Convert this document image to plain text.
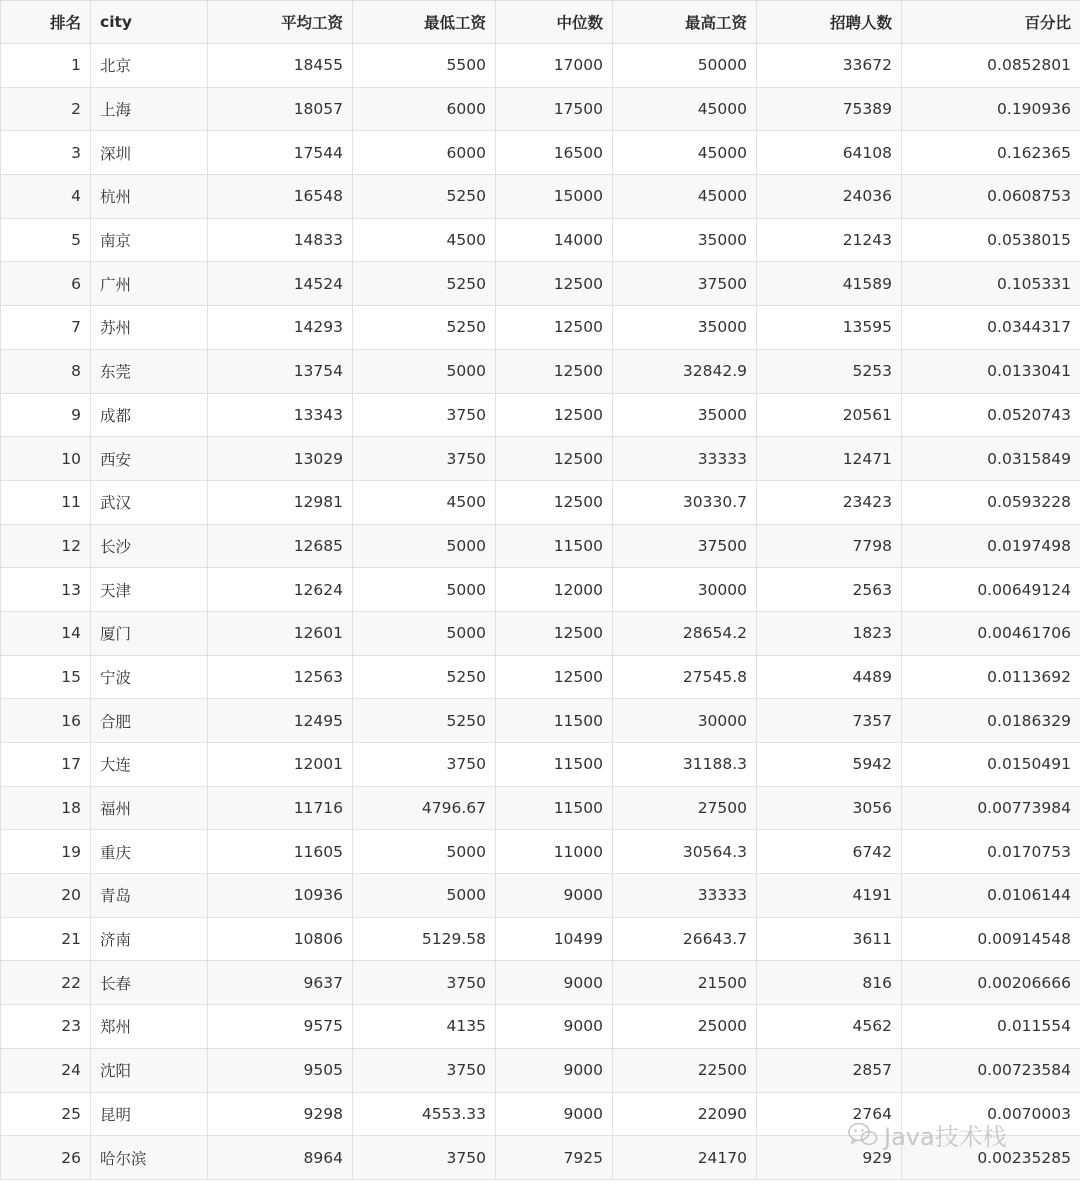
排名	city	平均工资	最低工资	中位数	最高工资	招聘人数	百分比
1	北京	18455	5500	17000	50000	33672	0.0852801
2	上海	18057	6000	17500	45000	75389	0.190936
3	深圳	17544	6000	16500	45000	64108	0.162365
4	杭州	16548	5250	15000	45000	24036	0.0608753
5	南京	14833	4500	14000	35000	21243	0.0538015
6	广州	14524	5250	12500	37500	41589	0.105331
7	苏州	14293	5250	12500	35000	13595	0.0344317
8	东莞	13754	5000	12500	32842.9	5253	0.0133041
9	成都	13343	3750	12500	35000	20561	0.0520743
10	西安	13029	3750	12500	33333	12471	0.0315849
11	武汉	12981	4500	12500	30330.7	23423	0.0593228
12	长沙	12685	5000	11500	37500	7798	0.0197498
13	天津	12624	5000	12000	30000	2563	0.00649124
14	厦门	12601	5000	12500	28654.2	1823	0.00461706
15	宁波	12563	5250	12500	27545.8	4489	0.0113692
16	合肥	12495	5250	11500	30000	7357	0.0186329
17	大连	12001	3750	11500	31188.3	5942	0.0150491
18	福州	11716	4796.67	11500	27500	3056	0.00773984
19	重庆	11605	5000	11000	30564.3	6742	0.0170753
20	青岛	10936	5000	9000	33333	4191	0.0106144
21	济南	10806	5129.58	10499	26643.7	3611	0.00914548
22	长春	9637	3750	9000	21500	816	0.00206666
23	郑州	9575	4135	9000	25000	4562	0.011554
24	沈阳	9505	3750	9000	22500	2857	0.00723584
25	昆明	9298	4553.33	9000	22090	2764	0.0070003
26	哈尔滨	8964	3750	7925	24170	929	0.00235285
Java技术栈
